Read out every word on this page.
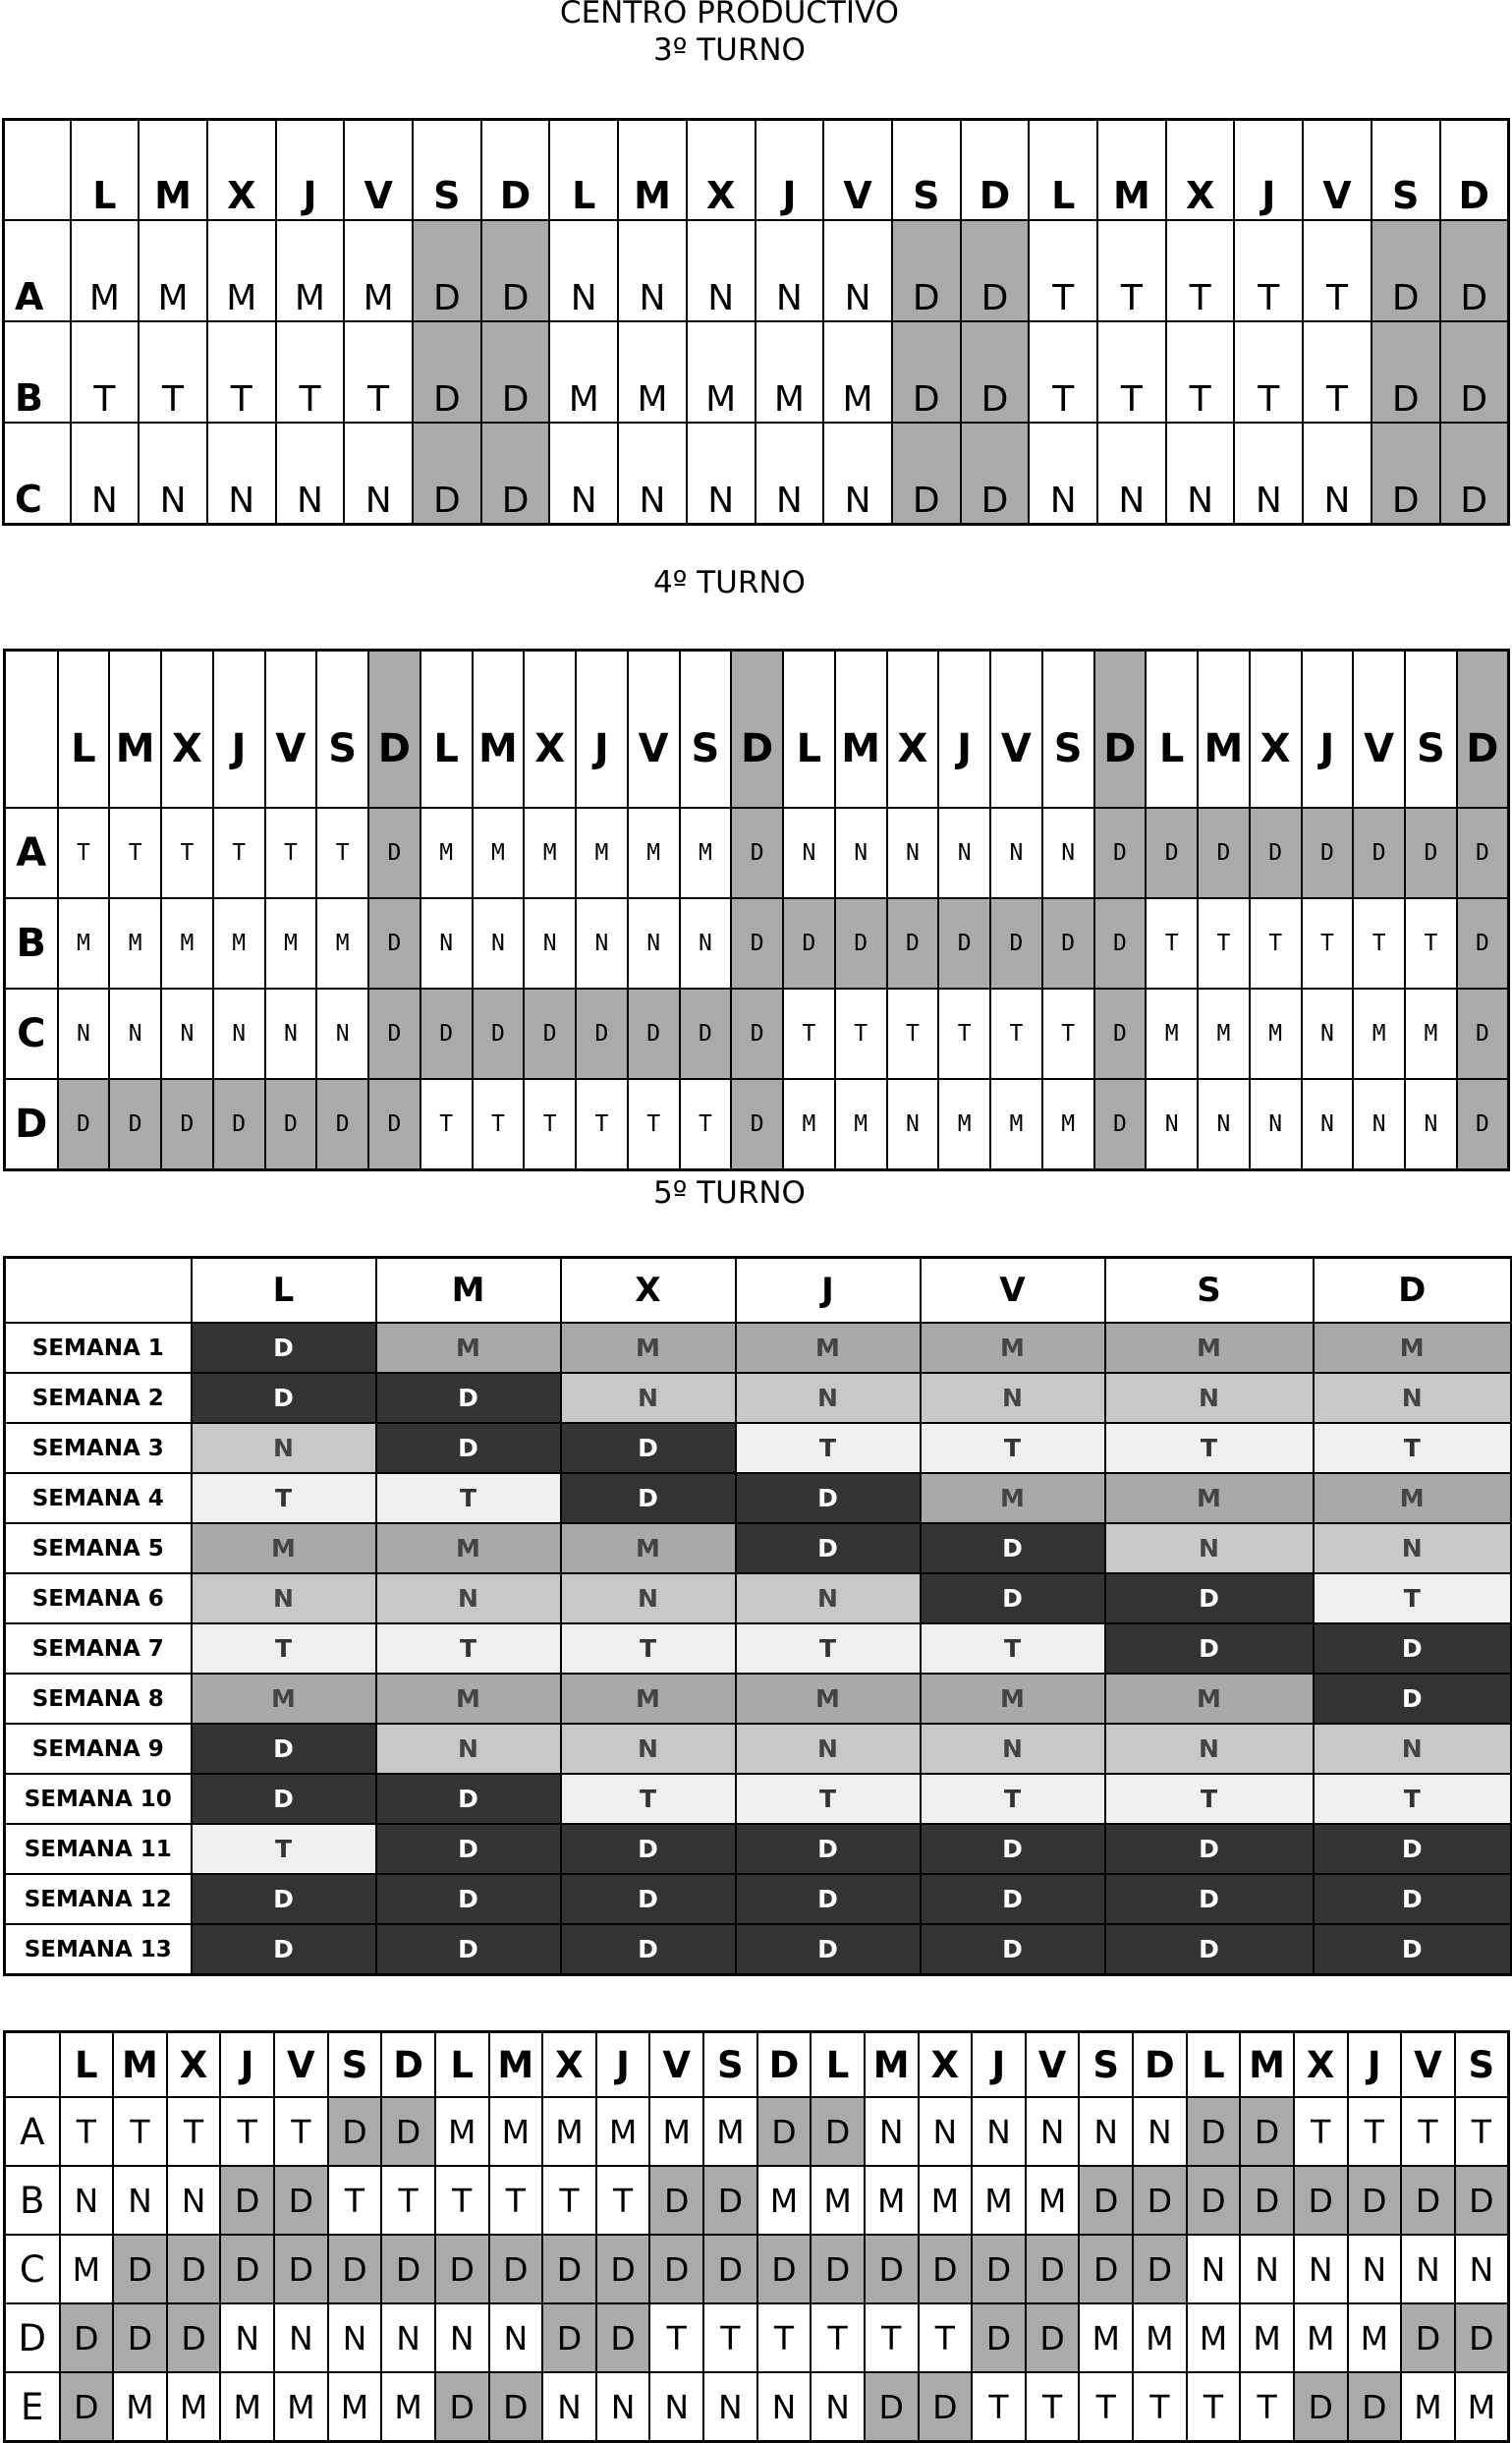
CENTRO PRODUCTIVO
3º TURNO
	L	M	X	J	V	S	D	L	M	X	J	V	S	D	L	M	X	J	V	S	D
A	M	M	M	M	M	D	D	N	N	N	N	N	D	D	T	T	T	T	T	D	D
B	T	T	T	T	T	D	D	M	M	M	M	M	D	D	T	T	T	T	T	D	D
C	N	N	N	N	N	D	D	N	N	N	N	N	D	D	N	N	N	N	N	D	D
4º TURNO
	L	M	X	J	V	S	D	L	M	X	J	V	S	D	L	M	X	J	V	S	D	L	M	X	J	V	S	D
A	T	T	T	T	T	T	D	M	M	M	M	M	M	D	N	N	N	N	N	N	D	D	D	D	D	D	D	D
B	M	M	M	M	M	M	D	N	N	N	N	N	N	D	D	D	D	D	D	D	D	T	T	T	T	T	T	D
C	N	N	N	N	N	N	D	D	D	D	D	D	D	D	T	T	T	T	T	T	D	M	M	M	N	M	M	D
D	D	D	D	D	D	D	D	T	T	T	T	T	T	D	M	M	N	M	M	M	D	N	N	N	N	N	N	D
5º TURNO
	L	M	X	J	V	S	D
SEMANA 1	D	M	M	M	M	M	M
SEMANA 2	D	D	N	N	N	N	N
SEMANA 3	N	D	D	T	T	T	T
SEMANA 4	T	T	D	D	M	M	M
SEMANA 5	M	M	M	D	D	N	N
SEMANA 6	N	N	N	N	D	D	T
SEMANA 7	T	T	T	T	T	D	D
SEMANA 8	M	M	M	M	M	M	D
SEMANA 9	D	N	N	N	N	N	N
SEMANA 10	D	D	T	T	T	T	T
SEMANA 11	T	D	D	D	D	D	D
SEMANA 12	D	D	D	D	D	D	D
SEMANA 13	D	D	D	D	D	D	D
	L	M	X	J	V	S	D	L	M	X	J	V	S	D	L	M	X	J	V	S	D	L	M	X	J	V	S
A	T	T	T	T	T	D	D	M	M	M	M	M	M	D	D	N	N	N	N	N	N	D	D	T	T	T	T
B	N	N	N	D	D	T	T	T	T	T	T	D	D	M	M	M	M	M	M	D	D	D	D	D	D	D	D
C	M	D	D	D	D	D	D	D	D	D	D	D	D	D	D	D	D	D	D	D	D	N	N	N	N	N	N
D	D	D	D	N	N	N	N	N	N	D	D	T	T	T	T	T	T	D	D	M	M	M	M	M	M	D	D
E	D	M	M	M	M	M	M	D	D	N	N	N	N	N	N	D	D	T	T	T	T	T	T	D	D	M	M
